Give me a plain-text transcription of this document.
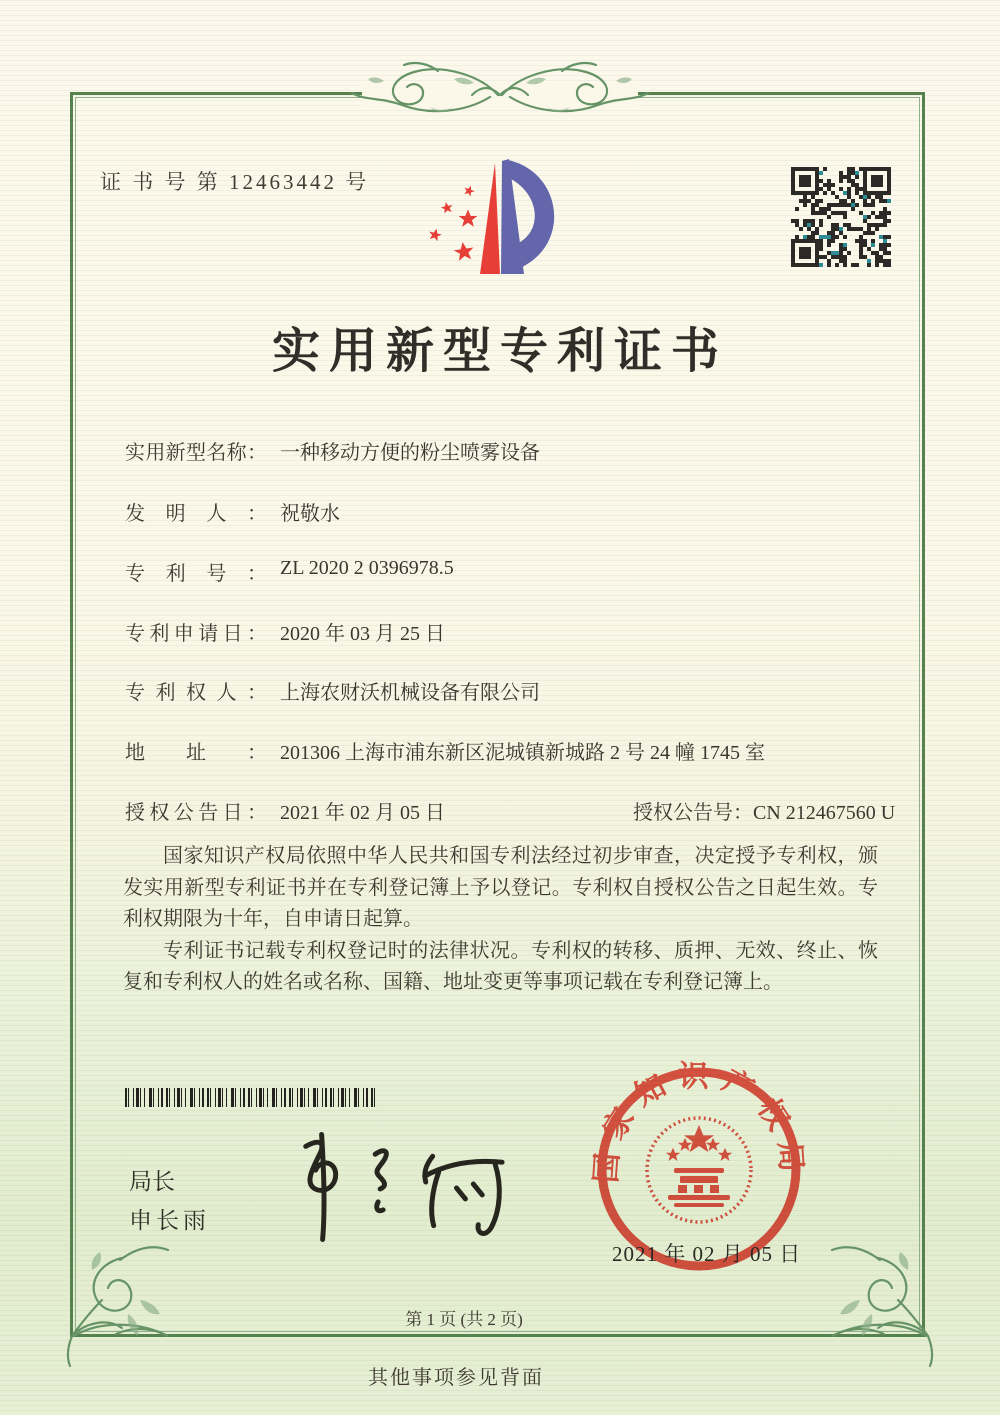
证 书 号 第 12463442 号
实用新型专利证书
实用新型名称： 一种移动方便的粉尘喷雾设备
发明人： 祝敬水
专利号： ZL 2020 2 0396978.5
专利申请日： 2020 年 03 月 25 日
专利权人： 上海农财沃机械设备有限公司
地址： 201306 上海市浦东新区泥城镇新城路 2 号 24 幢 1745 室
授权公告日： 2021 年 02 月 05 日	授权公告号：CN 212467560 U

国家知识产权局依照中华人民共和国专利法经过初步审查，决定授予专利权，颁发实用新型专利证书并在专利登记簿上予以登记。专利权自授权公告之日起生效。专利权期限为十年，自申请日起算。

专利证书记载专利权登记时的法律状况。专利权的转移、质押、无效、终止、恢复和专利权人的姓名或名称、国籍、地址变更等事项记载在专利登记簿上。

局长
申长雨
国家知识产权局
2021 年 02 月 05 日
第 1 页 (共 2 页)
其他事项参见背面
